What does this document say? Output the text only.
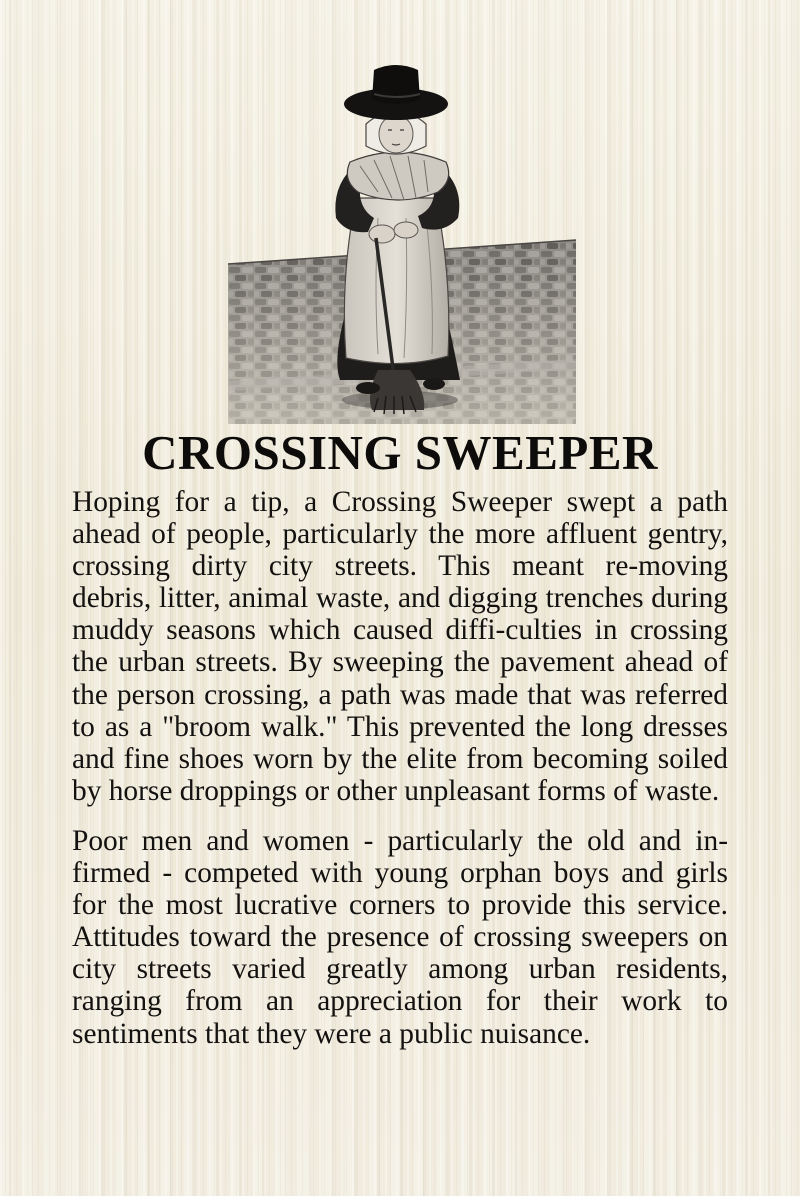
CROSSING SWEEPER

Hoping for a tip, a Crossing Sweeper swept a path ahead of people, particularly the more affluent gentry, crossing dirty city streets. This meant re-moving debris, litter, animal waste, and digging trenches during muddy seasons which caused diffi-culties in crossing the urban streets. By sweeping the pavement ahead of the person crossing, a path was made that was referred to as a "broom walk." This prevented the long dresses and fine shoes worn by the elite from becoming soiled by horse droppings or other unpleasant forms of waste.

Poor men and women - particularly the old and in-firmed - competed with young orphan boys and girls for the most lucrative corners to provide this service. Attitudes toward the presence of crossing sweepers on city streets varied greatly among urban residents, ranging from an appreciation for their work to sentiments that they were a public nuisance.
